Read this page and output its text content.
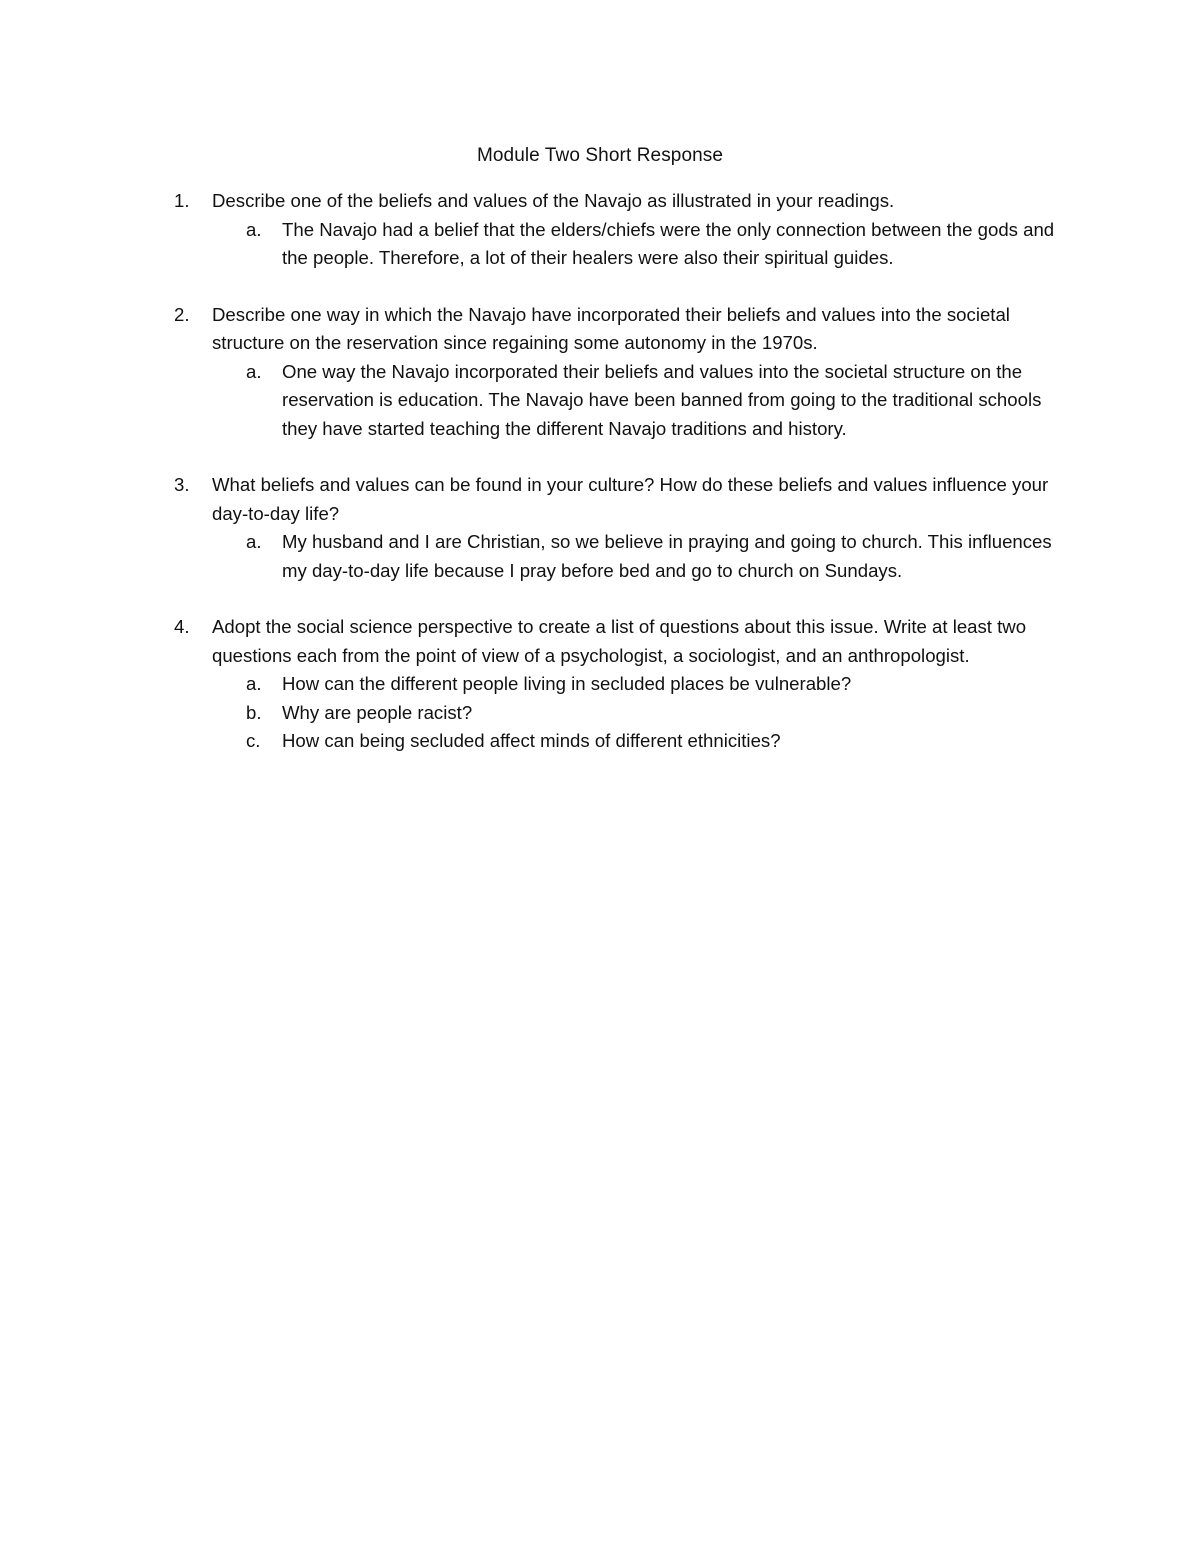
Module Two Short Response
1. Describe one of the beliefs and values of the Navajo as illustrated in your readings.

a. The Navajo had a belief that the elders/chiefs were the only connection between the gods and the people. Therefore, a lot of their healers were also their spiritual guides.
2. Describe one way in which the Navajo have incorporated their beliefs and values into the societal structure on the reservation since regaining some autonomy in the 1970s.

a. One way the Navajo incorporated their beliefs and values into the societal structure on the reservation is education. The Navajo have been banned from going to the traditional schools they have started teaching the different Navajo traditions and history.
3. What beliefs and values can be found in your culture? How do these beliefs and values influence your day-to-day life?

a. My husband and I are Christian, so we believe in praying and going to church. This influences my day-to-day life because I pray before bed and go to church on Sundays.
4. Adopt the social science perspective to create a list of questions about this issue. Write at least two questions each from the point of view of a psychologist, a sociologist, and an anthropologist.

a. How can the different people living in secluded places be vulnerable?
b. Why are people racist?
c. How can being secluded affect minds of different ethnicities?
